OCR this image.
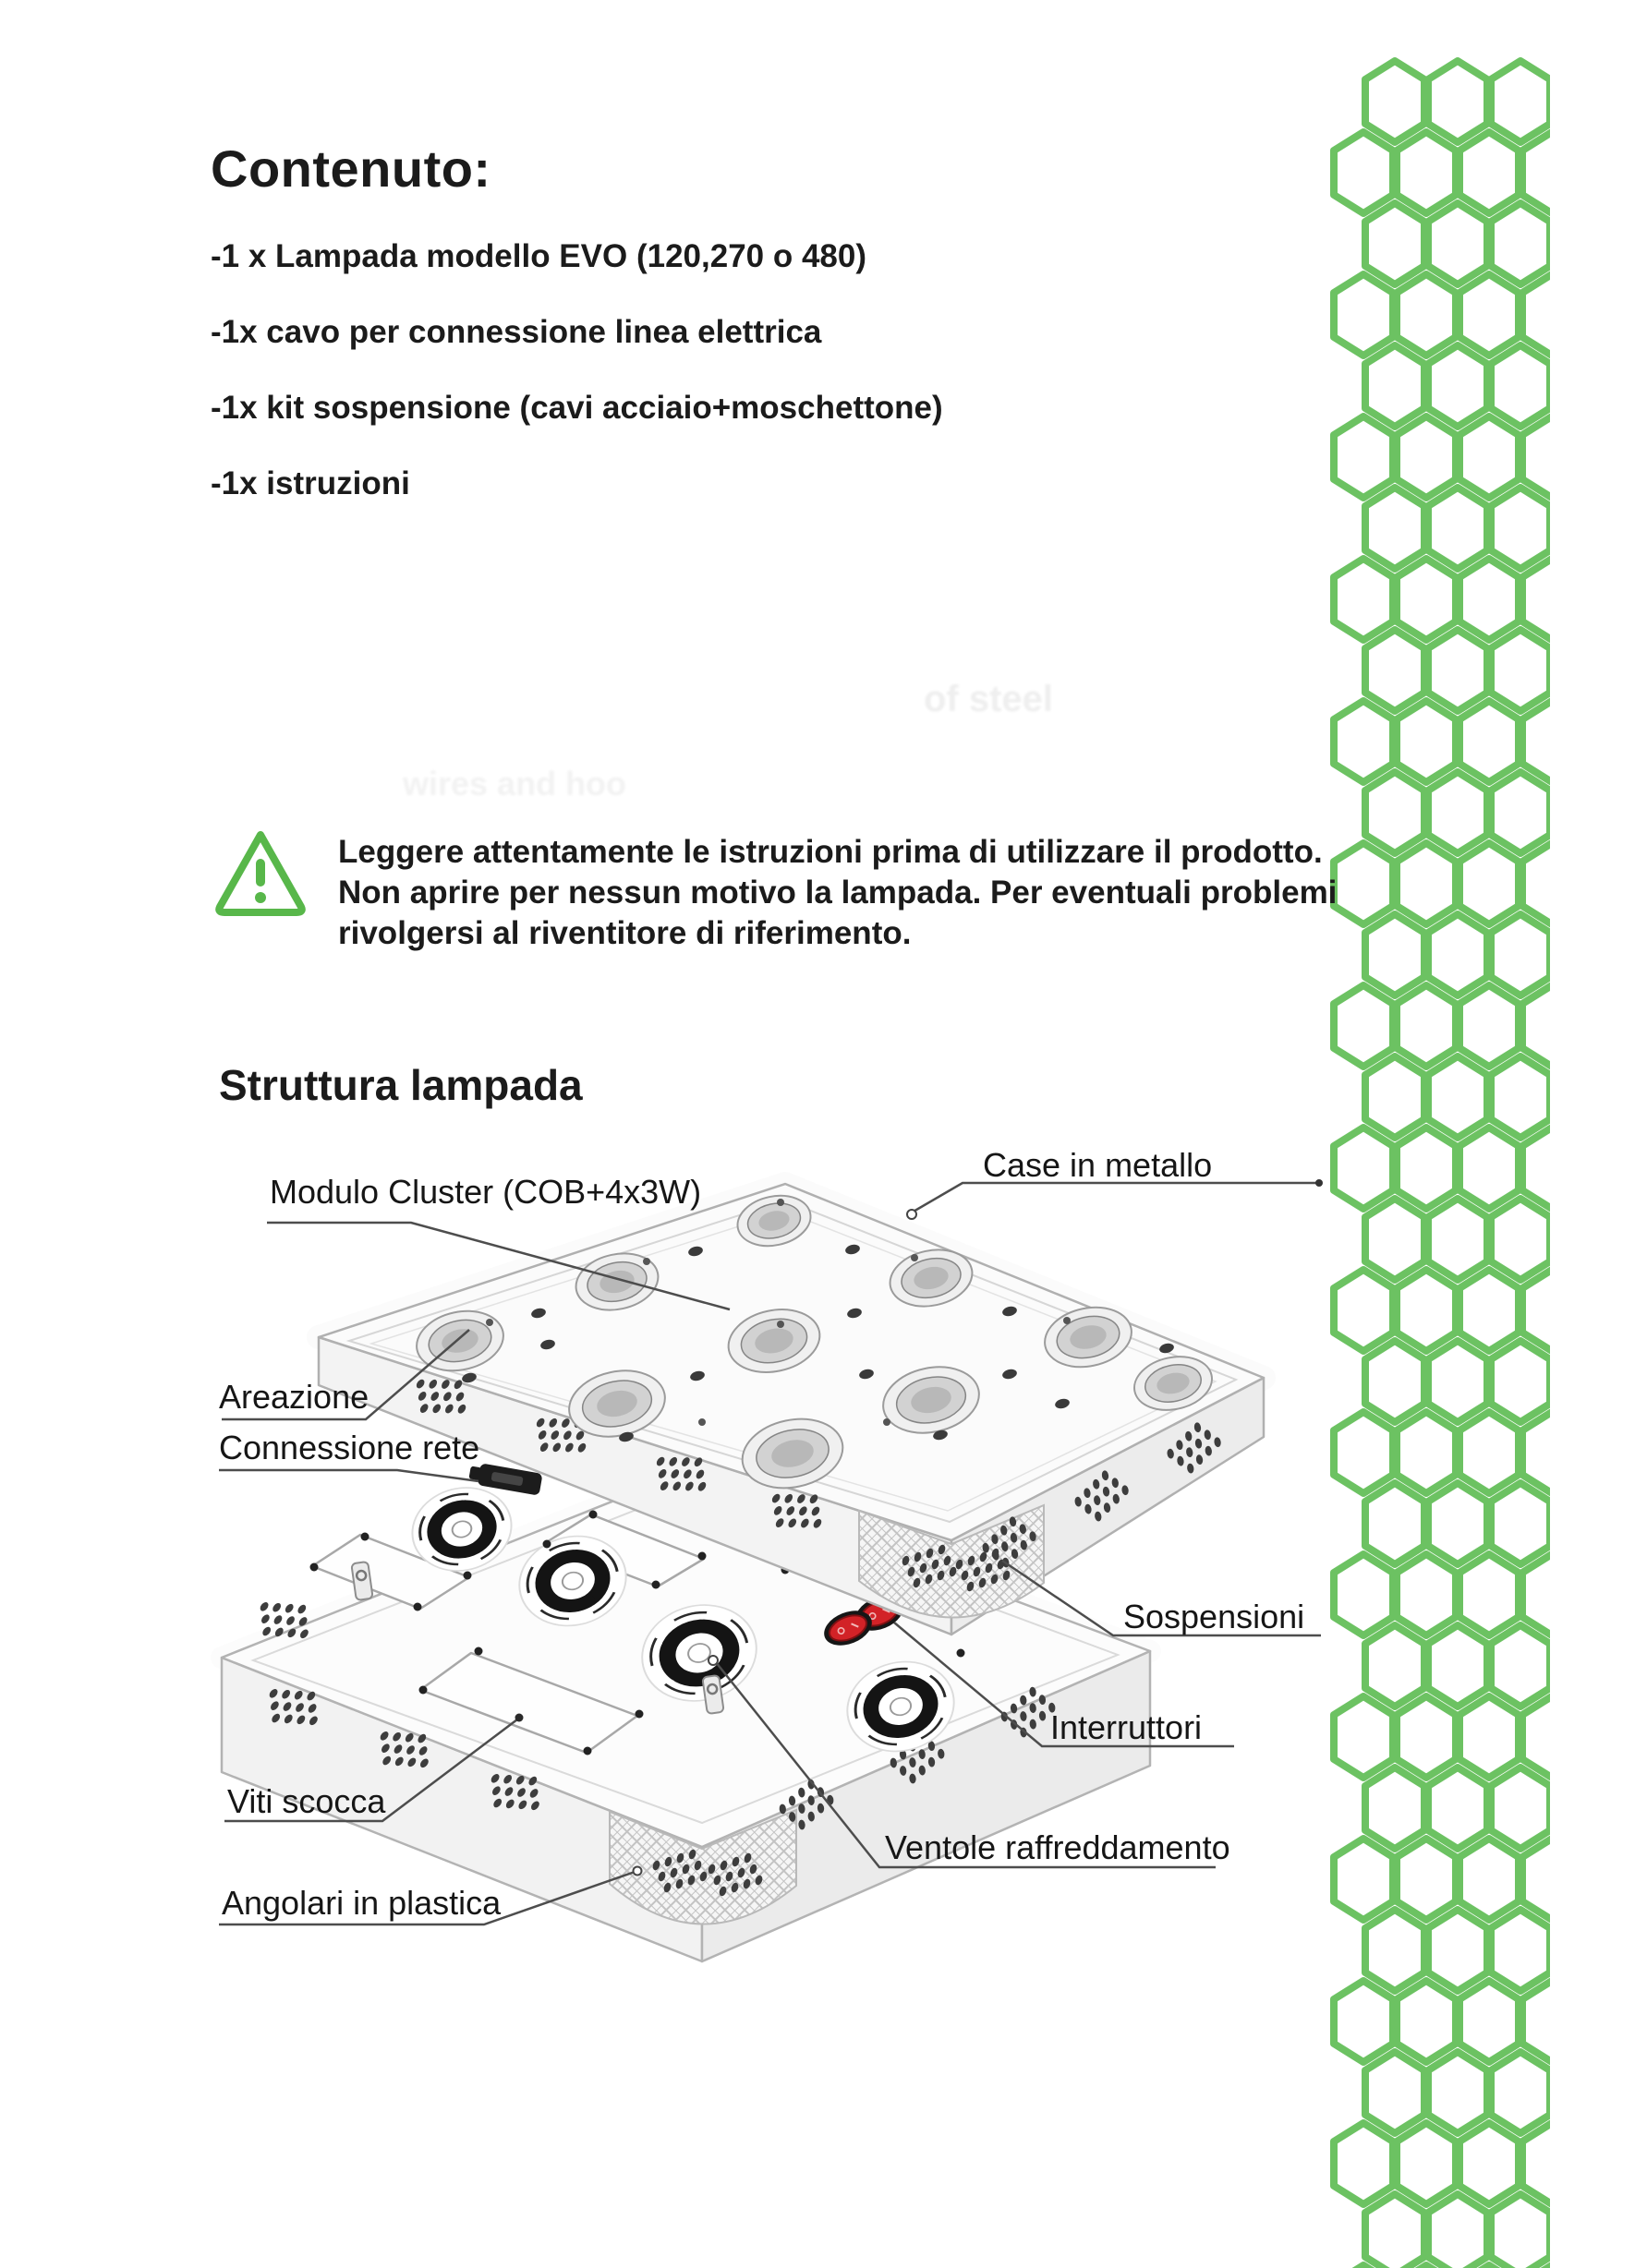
Contenuto:
-1 x Lampada modello EVO (120,270 o 480)
-1x cavo per connessione linea elettrica
-1x kit sospensione (cavi acciaio+moschettone)
-1x istruzioni
of steel
wires and hoo
Leggere attentamente le istruzioni prima di utilizzare il prodotto.
Non aprire per nessun motivo la lampada. Per eventuali problemi
rivolgersi al riventitore di riferimento.
Struttura lampada
Modulo Cluster (COB+4x3W)
Case in metallo
Areazione
Connessione rete
Sospensioni
Interruttori
Viti scocca
Ventole raffreddamento
Angolari in plastica
